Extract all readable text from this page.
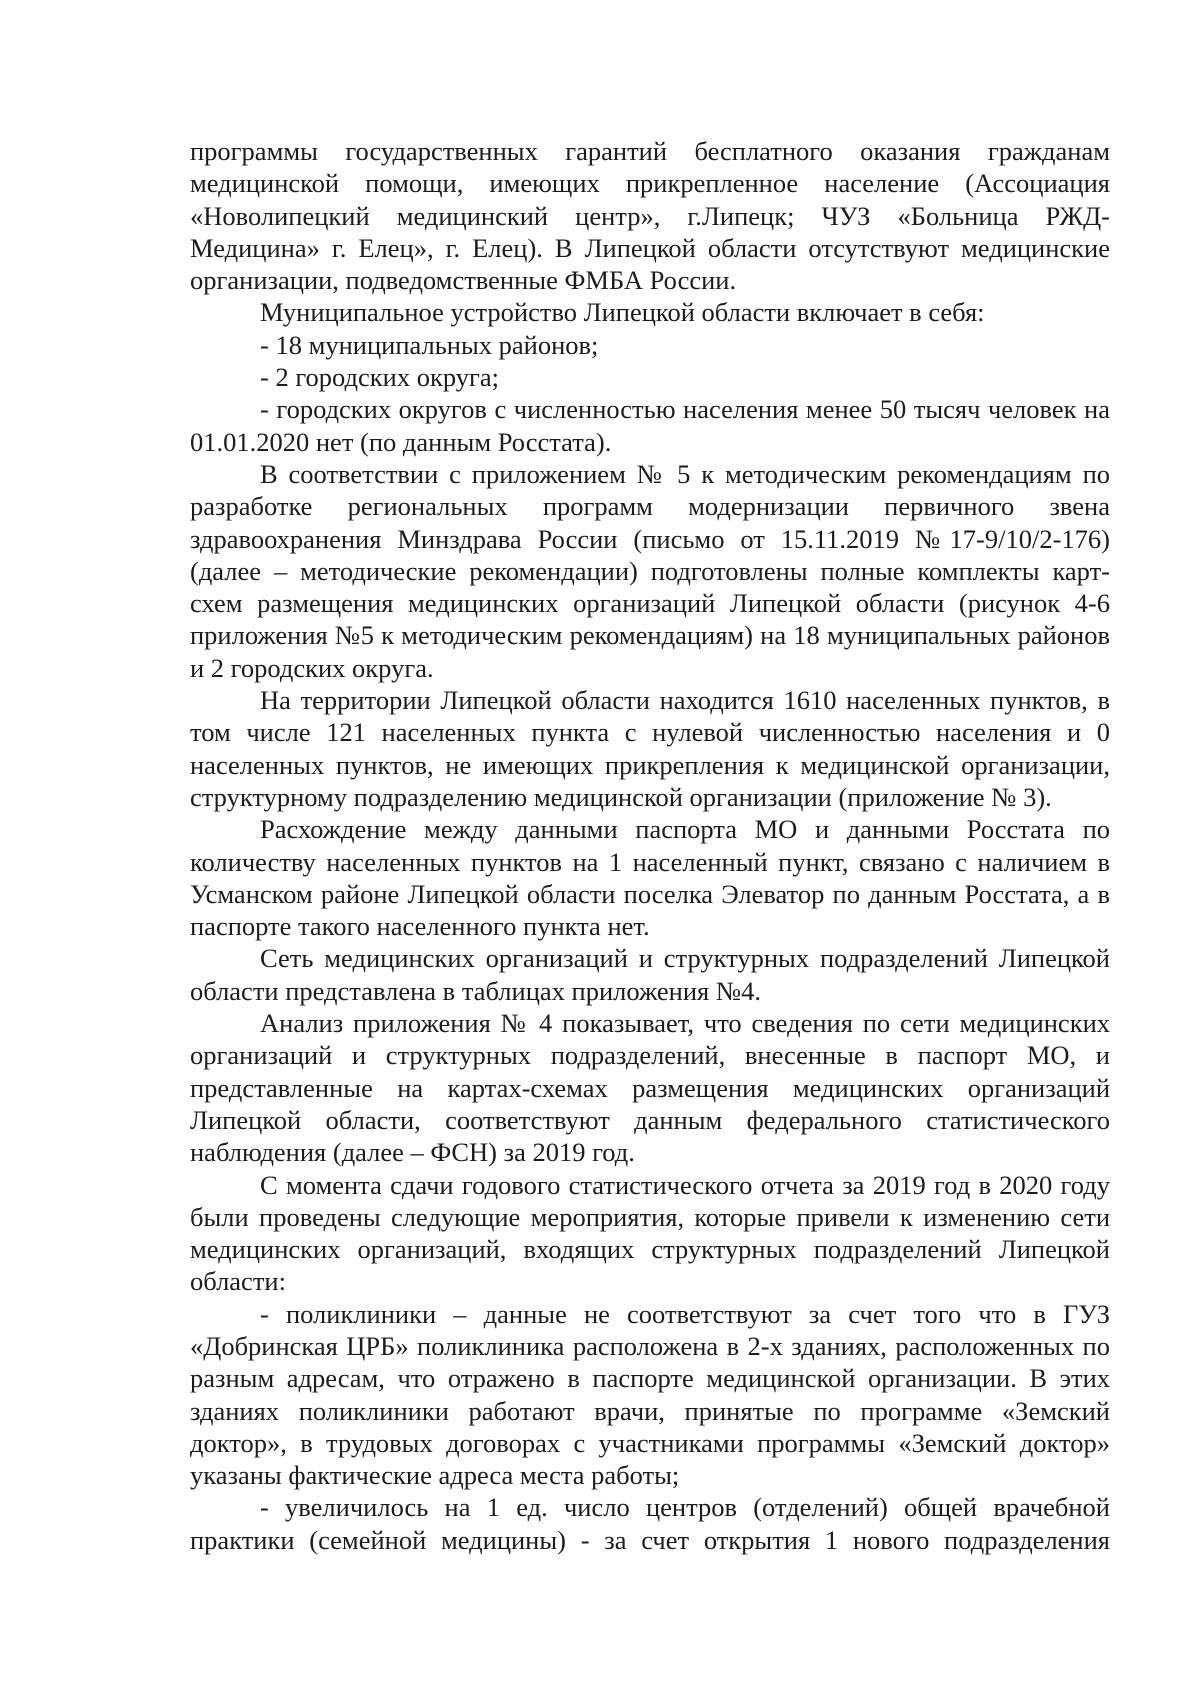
программы государственных гарантий бесплатного оказания гражданам медицинской помощи, имеющих прикрепленное население (Ассоциация «Новолипецкий медицинский центр», г.Липецк; ЧУЗ «Больница РЖД-Медицина» г. Елец», г. Елец). В Липецкой области отсутствуют медицинские организации, подведомственные ФМБА России.

Муниципальное устройство Липецкой области включает в себя:

- 18 муниципальных районов;

- 2 городских округа;

- городских округов с численностью населения менее 50 тысяч человек на 01.01.2020 нет (по данным Росстата).

В соответствии с приложением № 5 к методическим рекомендациям по разработке региональных программ модернизации первичного звена здравоохранения Минздрава России (письмо от 15.11.2019 №17-9/10/2-176) (далее – методические рекомендации) подготовлены полные комплекты карт-схем размещения медицинских организаций Липецкой области (рисунок 4-6 приложения №5 к методическим рекомендациям) на 18 муниципальных районов и 2 городских округа.

На территории Липецкой области находится 1610 населенных пунктов, в том числе 121 населенных пункта с нулевой численностью населения и 0 населенных пунктов, не имеющих прикрепления к медицинской организации, структурному подразделению медицинской организации (приложение № 3).

Расхождение между данными паспорта МО и данными Росстата по количеству населенных пунктов на 1 населенный пункт, связано с наличием в Усманском районе Липецкой области поселка Элеватор по данным Росстата, а в паспорте такого населенного пункта нет.

Сеть медицинских организаций и структурных подразделений Липецкой области представлена в таблицах приложения №4.

Анализ приложения № 4 показывает, что сведения по сети медицинских организаций и структурных подразделений, внесенные в паспорт МО, и представленные на картах-схемах размещения медицинских организаций Липецкой области, соответствуют данным федерального статистического наблюдения (далее – ФСН) за 2019 год.

С момента сдачи годового статистического отчета за 2019 год в 2020 году были проведены следующие мероприятия, которые привели к изменению сети медицинских организаций, входящих структурных подразделений Липецкой области:

- поликлиники – данные не соответствуют за счет того что в ГУЗ «Добринская ЦРБ» поликлиника расположена в 2-х зданиях, расположенных по разным адресам, что отражено в паспорте медицинской организации. В этих зданиях поликлиники работают врачи, принятые по программе «Земский доктор», в трудовых договорах с участниками программы «Земский доктор» указаны фактические адреса места работы;

- увеличилось на 1 ед. число центров (отделений) общей врачебной практики (семейной медицины) - за счет открытия 1 нового подразделения
